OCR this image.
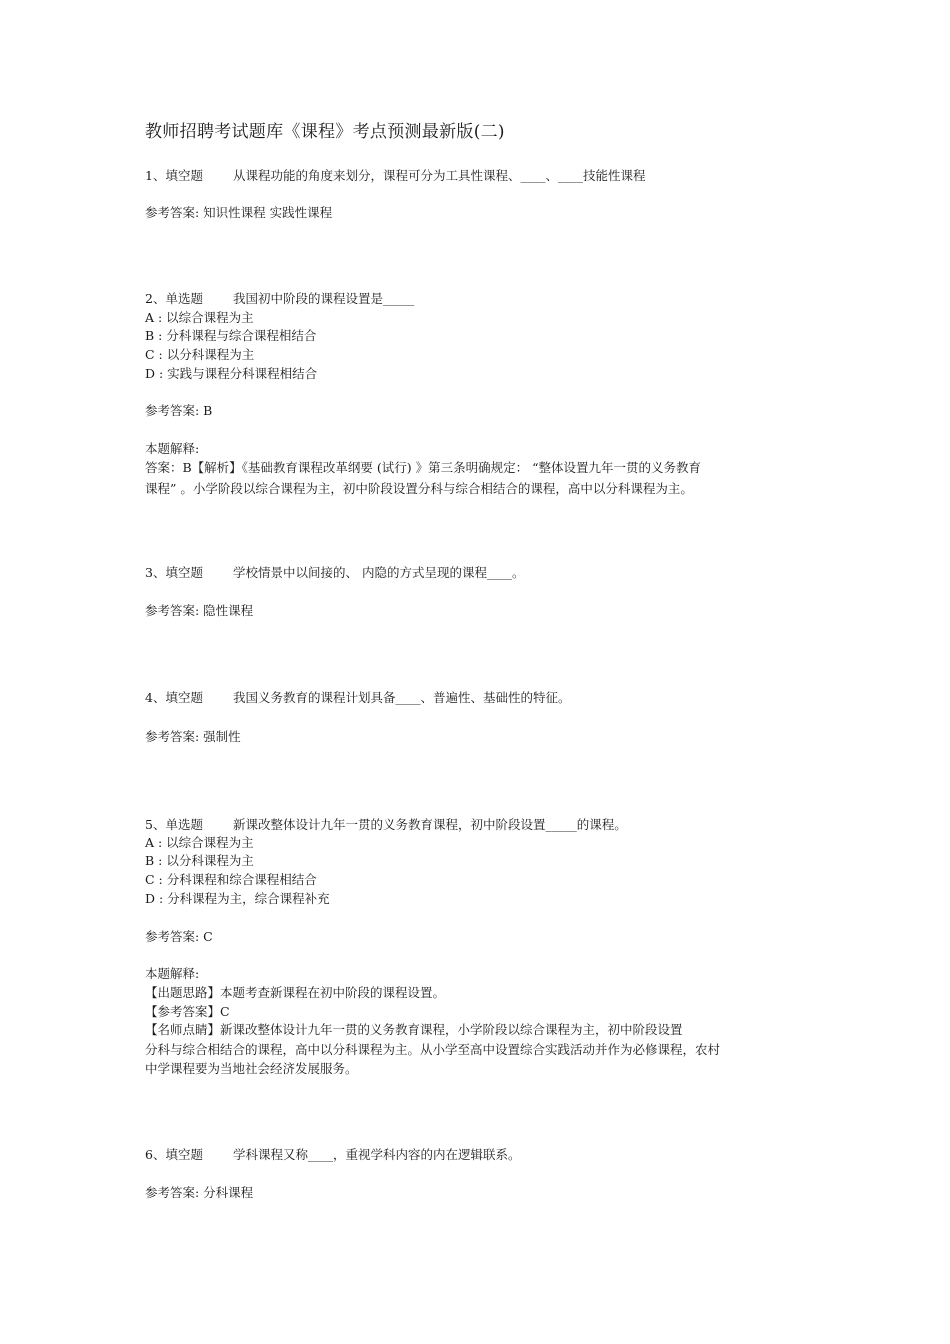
教师招聘考试题库《课程》考点预测最新版(二)
1、填空题 从课程功能的角度来划分，课程可分为工具性课程、____、____技能性课程
参考答案: 知识性课程 实践性课程
2、单选题 我国初中阶段的课程设置是_____
A : 以综合课程为主
B : 分科课程与综合课程相结合
C : 以分科课程为主
D : 实践与课程分科课程相结合
参考答案: B
本题解释:
答案：B【解析】《基础教育课程改革纲要 (试行) 》第三条明确规定： “整体设置九年一贯的义务教育
课程” 。小学阶段以综合课程为主，初中阶段设置分科与综合相结合的课程，高中以分科课程为主。
3、填空题 学校情景中以间接的、 内隐的方式呈现的课程____。
参考答案: 隐性课程
4、填空题 我国义务教育的课程计划具备____、普遍性、基础性的特征。
参考答案: 强制性
5、单选题 新课改整体设计九年一贯的义务教育课程，初中阶段设置_____的课程。
A : 以综合课程为主
B : 以分科课程为主
C : 分科课程和综合课程相结合
D : 分科课程为主，综合课程补充
参考答案: C
本题解释:
【出题思路】本题考查新课程在初中阶段的课程设置。
【参考答案】C
【名师点睛】新课改整体设计九年一贯的义务教育课程，小学阶段以综合课程为主，初中阶段设置
分科与综合相结合的课程，高中以分科课程为主。从小学至高中设置综合实践活动并作为必修课程，农村
中学课程要为当地社会经济发展服务。
6、填空题 学科课程又称____，重视学科内容的内在逻辑联系。
参考答案: 分科课程
